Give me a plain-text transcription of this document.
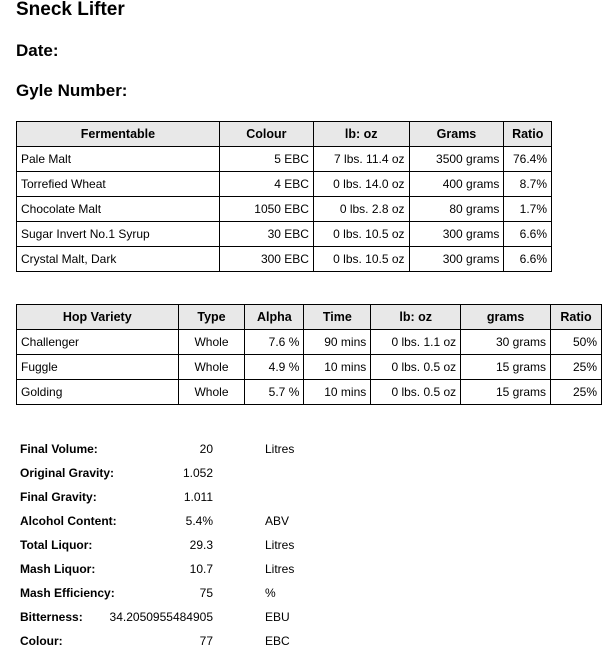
Sneck Lifter
Date:
Gyle Number:
Fermentable	Colour	lb: oz	Grams	Ratio
Pale Malt	5 EBC	7 lbs. 11.4 oz	3500 grams	76.4%
Torrefied Wheat	4 EBC	0 lbs. 14.0 oz	400 grams	8.7%
Chocolate Malt	1050 EBC	0 lbs. 2.8 oz	80 grams	1.7%
Sugar Invert No.1 Syrup	30 EBC	0 lbs. 10.5 oz	300 grams	6.6%
Crystal Malt, Dark	300 EBC	0 lbs. 10.5 oz	300 grams	6.6%
Hop Variety	Type	Alpha	Time	lb: oz	grams	Ratio
Challenger	Whole	7.6 %	90 mins	0 lbs. 1.1 oz	30 grams	50%
Fuggle	Whole	4.9 %	10 mins	0 lbs. 0.5 oz	15 grams	25%
Golding	Whole	5.7 %	10 mins	0 lbs. 0.5 oz	15 grams	25%
Final Volume:	20	Litres
Original Gravity:	1.052
Final Gravity:	1.011
Alcohol Content:	5.4%	ABV
Total Liquor:	29.3	Litres
Mash Liquor:	10.7	Litres
Mash Efficiency:	75	%
Bitterness: 34.2050955484905	EBU
Colour:	77	EBC
